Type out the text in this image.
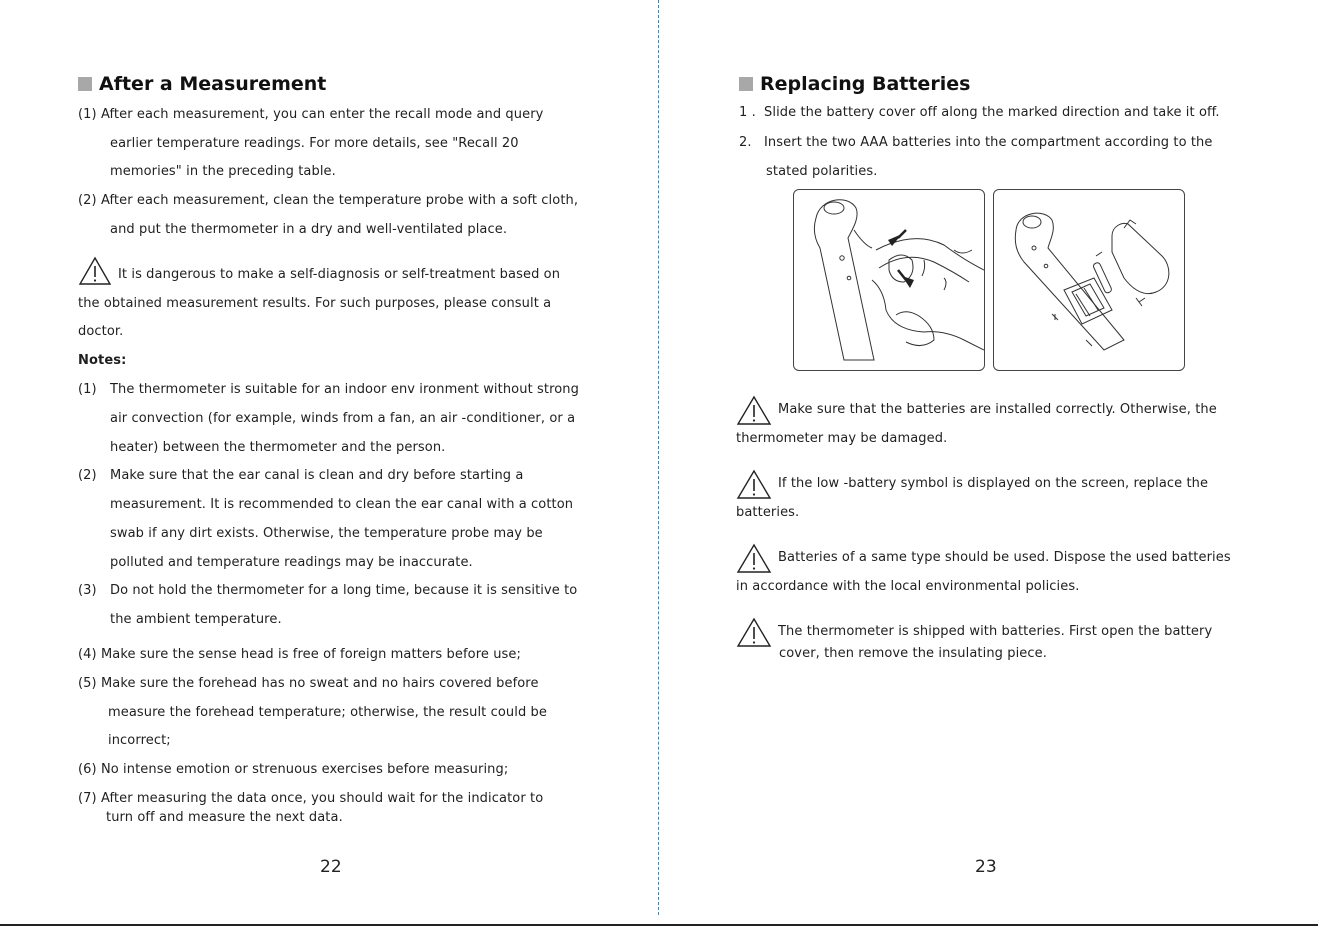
After a Measurement
(1) After each measurement, you can enter the recall mode and query
earlier temperature readings. For more details, see "Recall 20
memories" in the preceding table.
(2) After each measurement, clean the temperature probe with a soft cloth,
and put the thermometer in a dry and well-ventilated place.
It is dangerous to make a self-diagnosis or self-treatment based on
the obtained measurement results. For such purposes, please consult a
doctor.
Notes:
(1) The thermometer is suitable for an indoor env ironment without strong
air convection (for example, winds from a fan, an air -conditioner, or a
heater) between the thermometer and the person.
(2) Make sure that the ear canal is clean and dry before starting a
measurement. It is recommended to clean the ear canal with a cotton
swab if any dirt exists. Otherwise, the temperature probe may be
polluted and temperature readings may be inaccurate.
(3) Do not hold the thermometer for a long time, because it is sensitive to
the ambient temperature.
(4) Make sure the sense head is free of foreign matters before use;
(5) Make sure the forehead has no sweat and no hairs covered before
measure the forehead temperature; otherwise, the result could be
incorrect;
(6) No intense emotion or strenuous exercises before measuring;
(7) After measuring the data once, you should wait for the indicator to
turn off and measure the next data.
22
Replacing Batteries
1 . Slide the battery cover off along the marked direction and take it off.
2. Insert the two AAA batteries into the compartment according to the
stated polarities.
Make sure that the batteries are installed correctly. Otherwise, the
thermometer may be damaged.
If the low -battery symbol is displayed on the screen, replace the
batteries.
Batteries of a same type should be used. Dispose the used batteries
in accordance with the local environmental policies.
The thermometer is shipped with batteries. First open the battery
cover, then remove the insulating piece.
23
